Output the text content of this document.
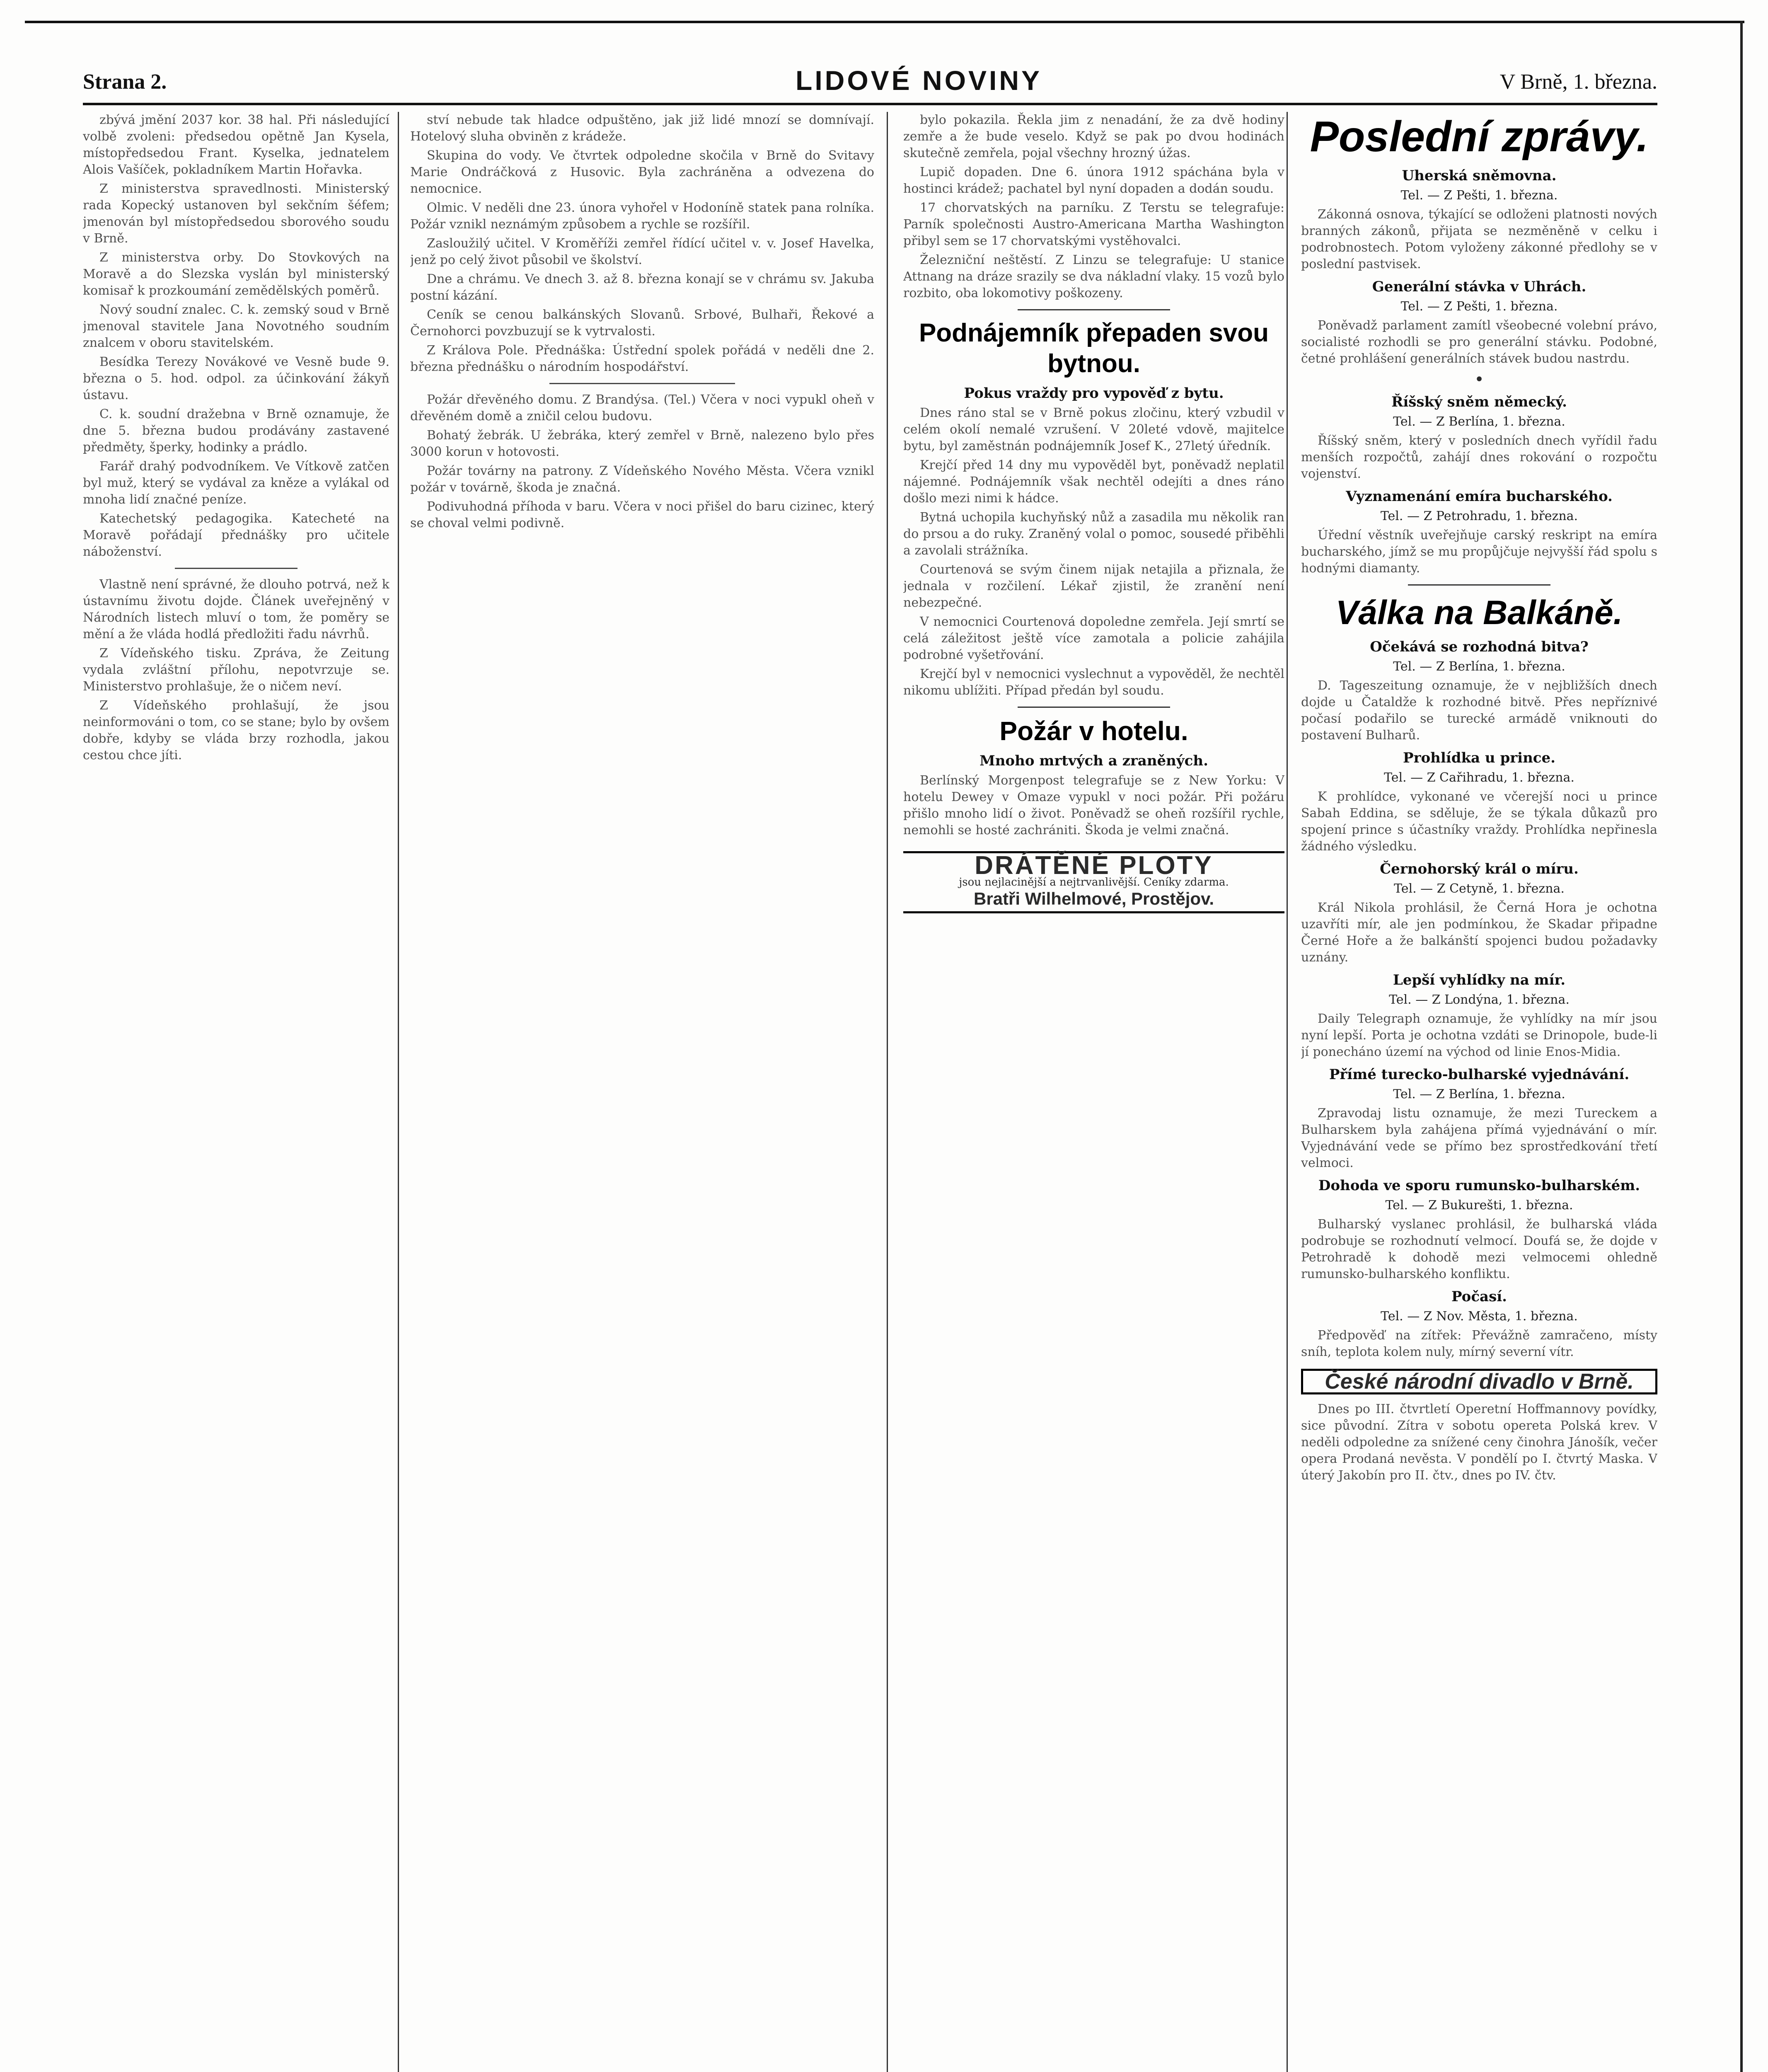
Strana 2.	LIDOVÉ NOVINY	V Brně, 1. března.

zbývá jmění 2037 kor. 38 hal. Při následující volbě zvoleni: předsedou opětně Jan Kysela, místopředsedou Frant. Kyselka, jednatelem Alois Vašíček, pokladníkem Martin Hořavka.

Z ministerstva spravedlnosti. Ministerský rada Kopecký ustanoven byl sekčním šéfem; jmenován byl místopředsedou sborového soudu v Brně.

Z ministerstva orby. Do Stovkových na Moravě a do Slezska vyslán byl ministerský komisař k prozkoumání zemědělských poměrů.

Nový soudní znalec. C. k. zemský soud v Brně jmenoval stavitele Jana Novotného soudním znalcem v oboru stavitelském.

Besídka Terezy Novákové ve Vesně bude 9. března o 5. hod. odpol. za účinkování žákyň ústavu.

C. k. soudní dražebna v Brně oznamuje, že dne 5. března budou prodávány zastavené předměty, šperky, hodinky a prádlo.

Farář drahý podvodníkem. Ve Vítkově zatčen byl muž, který se vydával za kněze a vylákal od mnoha lidí značné peníze.

Katechetský pedagogika. Katecheté na Moravě pořádají přednášky pro učitele náboženství.

Vlastně není správné, že dlouho potrvá, než k ústavnímu životu dojde. Článek uveřejněný v Národních listech mluví o tom, že poměry se mění a že vláda hodlá předložiti řadu návrhů.

Z Vídeňského tisku. Zpráva, že Zeitung vydala zvláštní přílohu, nepotvrzuje se. Ministerstvo prohlašuje, že o ničem neví.

Z Vídeňského prohlašují, že jsou neinformováni o tom, co se stane; bylo by ovšem dobře, kdyby se vláda brzy rozhodla, jakou cestou chce jíti.

ství nebude tak hladce odpuštěno, jak již lidé mnozí se domnívají. Hotelový sluha obviněn z krádeže.

Skupina do vody. Ve čtvrtek odpoledne skočila v Brně do Svitavy Marie Ondráčková z Husovic. Byla zachráněna a odvezena do nemocnice.

Olmic. V neděli dne 23. února vyhořel v Hodoníně statek pana rolníka. Požár vznikl neznámým způsobem a rychle se rozšířil.

Zasloužilý učitel. V Kroměříži zemřel řídící učitel v. v. Josef Havelka, jenž po celý život působil ve školství.

Dne a chrámu. Ve dnech 3. až 8. března konají se v chrámu sv. Jakuba postní kázání.

Ceník se cenou balkánských Slovanů. Srbové, Bulhaři, Řekové a Černohorci povzbuzují se k vytrvalosti.

Z Králova Pole. Přednáška: Ústřední spolek pořádá v neděli dne 2. března přednášku o národním hospodářství.

Požár dřevěného domu. Z Brandýsa. (Tel.) Včera v noci vypukl oheň v dřevěném domě a zničil celou budovu.

Bohatý žebrák. U žebráka, který zemřel v Brně, nalezeno bylo přes 3000 korun v hotovosti.

Požár továrny na patrony. Z Vídeňského Nového Města. Včera vznikl požár v továrně, škoda je značná.

Podivuhodná příhoda v baru. Včera v noci přišel do baru cizinec, který se choval velmi podivně.

bylo pokazila. Řekla jim z nenadání, že za dvě hodiny zemře a že bude veselo. Když se pak po dvou hodinách skutečně zemřela, pojal všechny hrozný úžas.

Lupič dopaden. Dne 6. února 1912 spáchána byla v hostinci krádež; pachatel byl nyní dopaden a dodán soudu.

17 chorvatských na parníku. Z Terstu se telegrafuje: Parník společnosti Austro-Americana Martha Washington přibyl sem se 17 chorvatskými vystěhovalci.

Železniční neštěstí. Z Linzu se telegrafuje: U stanice Attnang na dráze srazily se dva nákladní vlaky. 15 vozů bylo rozbito, oba lokomotivy poškozeny.

Podnájemník přepaden svou bytnou.
Pokus vraždy pro vypověď z bytu.

Dnes ráno stal se v Brně pokus zločinu, který vzbudil v celém okolí nemalé vzrušení. V 20leté vdově, majitelce bytu, byl zaměstnán podnájemník Josef K., 27letý úředník.

Krejčí před 14 dny mu vypověděl byt, poněvadž neplatil nájemné. Podnájemník však nechtěl odejíti a dnes ráno došlo mezi nimi k hádce.

Bytná uchopila kuchyňský nůž a zasadila mu několik ran do prsou a do ruky. Zraněný volal o pomoc, sousedé přiběhli a zavolali strážníka.

Courtenová se svým činem nijak netajila a přiznala, že jednala v rozčilení. Lékař zjistil, že zranění není nebezpečné.

V nemocnici Courtenová dopoledne zemřela. Její smrtí se celá záležitost ještě více zamotala a policie zahájila podrobné vyšetřování.

Krejčí byl v nemocnici vyslechnut a vypověděl, že nechtěl nikomu ublížiti. Případ předán byl soudu.

Požár v hotelu.
Mnoho mrtvých a zraněných.

Berlínský Morgenpost telegrafuje se z New Yorku: V hotelu Dewey v Omaze vypukl v noci požár. Při požáru přišlo mnoho lidí o život. Poněvadž se oheň rozšířil rychle, nemohli se hosté zachrániti. Škoda je velmi značná.

DRÁTĚNÉ PLOTY
jsou nejlacinější a nejtrvanlivější. Ceníky zdarma.
Bratři Wilhelmové, Prostějov.
Poslední zprávy.
Uherská sněmovna.
Tel. — Z Pešti, 1. března.

Zákonná osnova, týkající se odloženi platnosti nových branných zákonů, přijata se nezměněně v celku i podrobnostech. Potom vyloženy zákonné předlohy se v poslední pastvisek.

Generální stávka v Uhrách.
Tel. — Z Pešti, 1. března.

Poněvadž parlament zamítl všeobecné volební právo, socialisté rozhodli se pro generální stávku. Podobné, četné prohlášení generálních stávek budou nastrdu.

•
Říšský sněm německý.
Tel. — Z Berlína, 1. března.

Říšský sněm, který v posledních dnech vyřídil řadu menších rozpočtů, zahájí dnes rokování o rozpočtu vojenství.

Vyznamenání emíra bucharského.
Tel. — Z Petrohradu, 1. března.

Úřední věstník uveřejňuje carský reskript na emíra bucharského, jímž se mu propůjčuje nejvyšší řád spolu s hodnými diamanty.

Válka na Balkáně.
Očekává se rozhodná bitva?
Tel. — Z Berlína, 1. března.

D. Tageszeitung oznamuje, že v nejbližších dnech dojde u Čataldže k rozhodné bitvě. Přes nepříznivé počasí podařilo se turecké armádě vniknouti do postavení Bulharů.

Prohlídka u prince.
Tel. — Z Cařihradu, 1. března.

K prohlídce, vykonané ve včerejší noci u prince Sabah Eddina, se sděluje, že se týkala důkazů pro spojení prince s účastníky vraždy. Prohlídka nepřinesla žádného výsledku.

Černohorský král o míru.
Tel. — Z Cetyně, 1. března.

Král Nikola prohlásil, že Černá Hora je ochotna uzavříti mír, ale jen podmínkou, že Skadar připadne Černé Hoře a že balkánští spojenci budou požadavky uznány.

Lepší vyhlídky na mír.
Tel. — Z Londýna, 1. března.

Daily Telegraph oznamuje, že vyhlídky na mír jsou nyní lepší. Porta je ochotna vzdáti se Drinopole, bude-li jí ponecháno území na východ od linie Enos-Midia.

Přímé turecko-bulharské vyjednávání.
Tel. — Z Berlína, 1. března.

Zpravodaj listu oznamuje, že mezi Tureckem a Bulharskem byla zahájena přímá vyjednávání o mír. Vyjednávání vede se přímo bez sprostředkování třetí velmoci.

Dohoda ve sporu rumunsko-bulharském.
Tel. — Z Bukurešti, 1. března.

Bulharský vyslanec prohlásil, že bulharská vláda podrobuje se rozhodnutí velmocí. Doufá se, že dojde v Petrohradě k dohodě mezi velmocemi ohledně rumunsko-bulharského konfliktu.

Počasí.
Tel. — Z Nov. Města, 1. března.

Předpověď na zítřek: Převážně zamračeno, místy sníh, teplota kolem nuly, mírný severní vítr.

České národní divadlo v Brně.

Dnes po III. čtvrtletí Operetní Hoffmannovy povídky, sice původní. Zítra v sobotu opereta Polská krev. V neděli odpoledne za snížené ceny činohra Jánošík, večer opera Prodaná nevěsta. V pondělí po I. čtvrtý Maska. V úterý Jakobín pro II. čtv., dnes po IV. čtv.
